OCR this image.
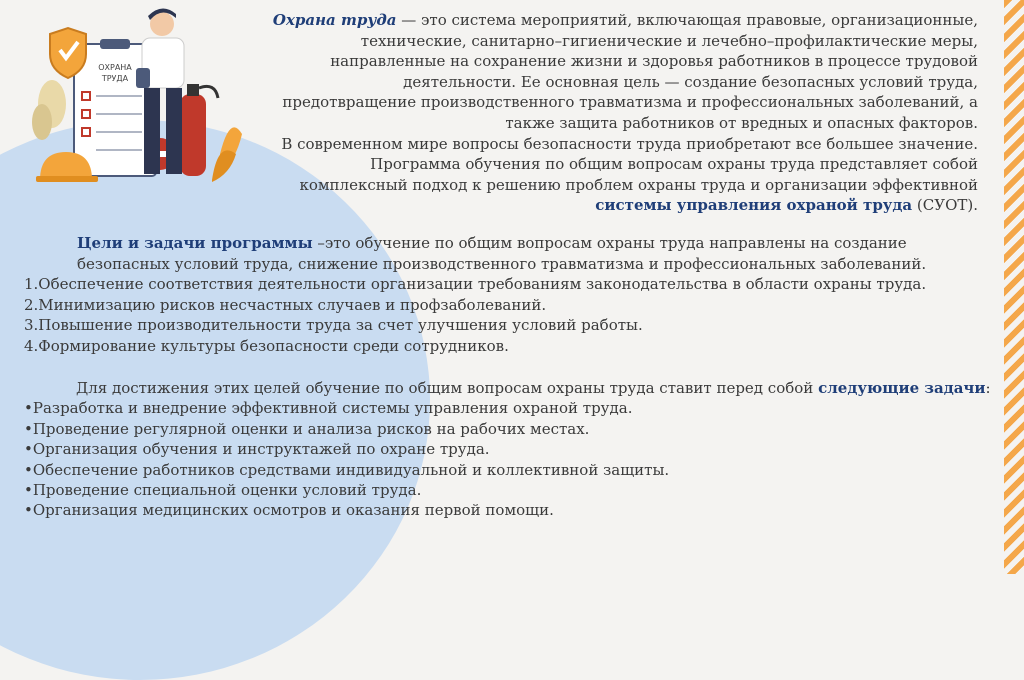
ОХРАНА
ТРУДА

Охрана труда — это система мероприятий, включающая правовые, организационные, технические, санитарно–гигиенические и лечебно–профилактические меры, направленные на сохранение жизни и здоровья работников в процессе трудовой деятельности. Ее основная цель — создание безопасных условий труда, предотвращение производственного травматизма и профессиональных заболеваний, а также защита работников от вредных и опасных факторов.

В современном мире вопросы безопасности труда приобретают все большее значение.

Программа обучения по общим вопросам охраны труда представляет собой комплексный подход к решению проблем охраны труда и организации эффективной системы управления охраной труда (СУОТ).

Цели и задачи программы –это обучение по общим вопросам охраны труда направлены на создание безопасных условий труда, снижение производственного травматизма и профессиональных заболеваний.

1.Обеспечение соответствия деятельности организации требованиям законодательства в области охраны труда.

2.Минимизацию рисков несчастных случаев и профзаболеваний.

3.Повышение производительности труда за счет улучшения условий работы.

4.Формирование культуры безопасности среди сотрудников.

Для достижения этих целей обучение по общим вопросам охраны труда ставит перед собой следующие задачи:

•Разработка и внедрение эффективной системы управления охраной труда.

•Проведение регулярной оценки и анализа рисков на рабочих местах.

•Организация обучения и инструктажей по охране труда.

•Обеспечение работников средствами индивидуальной и коллективной защиты.

•Проведение специальной оценки условий труда.

•Организация медицинских осмотров и оказания первой помощи.
